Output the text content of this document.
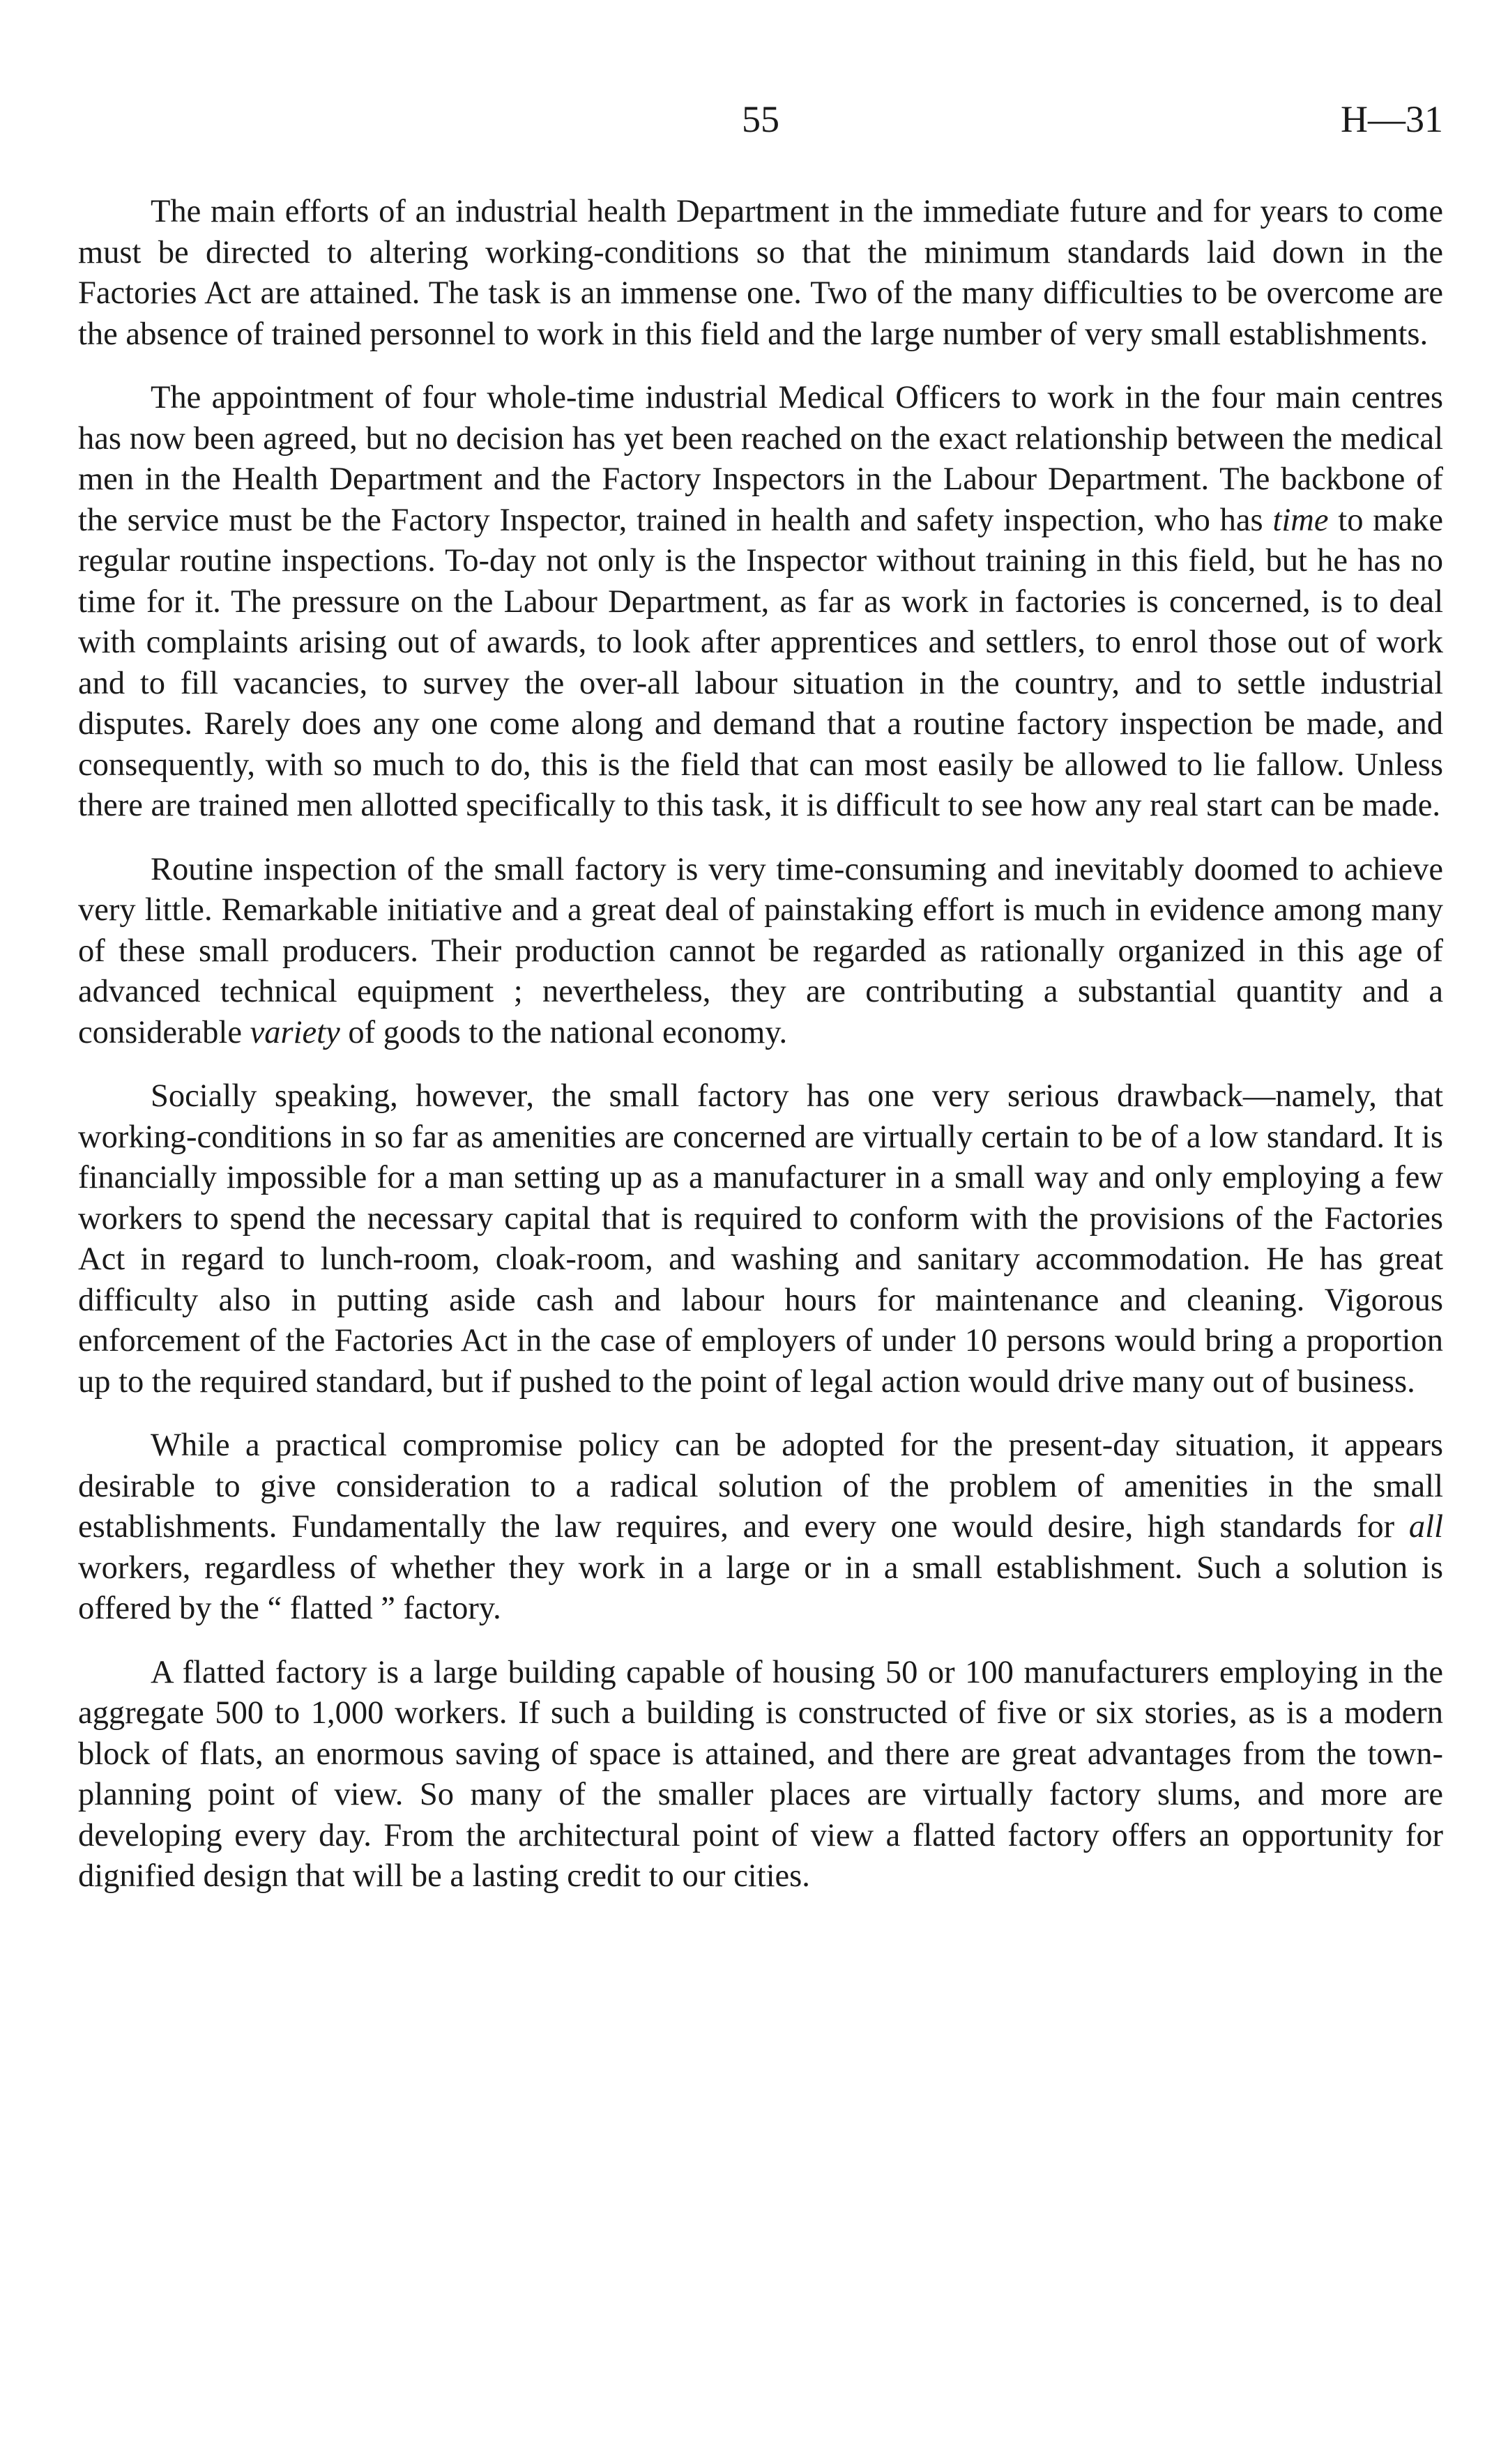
55	H—31

The main efforts of an industrial health Department in the immediate future and for years to come must be directed to altering working-conditions so that the minimum standards laid down in the Factories Act are attained. The task is an immense one. Two of the many difficulties to be overcome are the absence of trained personnel to work in this field and the large number of very small establishments.

The appointment of four whole-time industrial Medical Officers to work in the four main centres has now been agreed, but no decision has yet been reached on the exact relationship between the medical men in the Health Department and the Factory Inspectors in the Labour Department. The backbone of the service must be the Factory Inspector, trained in health and safety inspection, who has time to make regular routine inspections. To-day not only is the Inspector without training in this field, but he has no time for it. The pressure on the Labour Department, as far as work in factories is concerned, is to deal with complaints arising out of awards, to look after apprentices and settlers, to enrol those out of work and to fill vacancies, to survey the over-all labour situation in the country, and to settle industrial disputes. Rarely does any one come along and demand that a routine factory inspection be made, and consequently, with so much to do, this is the field that can most easily be allowed to lie fallow. Unless there are trained men allotted specifically to this task, it is difficult to see how any real start can be made.

Routine inspection of the small factory is very time-consuming and inevitably doomed to achieve very little. Remarkable initiative and a great deal of painstaking effort is much in evidence among many of these small producers. Their production cannot be regarded as rationally organized in this age of advanced technical equipment ; nevertheless, they are contributing a substantial quantity and a considerable variety of goods to the national economy.

Socially speaking, however, the small factory has one very serious drawback—namely, that working-conditions in so far as amenities are concerned are virtually certain to be of a low standard. It is financially impossible for a man setting up as a manufacturer in a small way and only employing a few workers to spend the necessary capital that is required to conform with the provisions of the Factories Act in regard to lunch-room, cloak-room, and washing and sanitary accommodation. He has great difficulty also in putting aside cash and labour hours for maintenance and cleaning. Vigorous enforcement of the Factories Act in the case of employers of under 10 persons would bring a proportion up to the required standard, but if pushed to the point of legal action would drive many out of business.

While a practical compromise policy can be adopted for the present-day situation, it appears desirable to give consideration to a radical solution of the problem of amenities in the small establishments. Fundamentally the law requires, and every one would desire, high standards for all workers, regardless of whether they work in a large or in a small establishment. Such a solution is offered by the “ flatted ” factory.

A flatted factory is a large building capable of housing 50 or 100 manufacturers employing in the aggregate 500 to 1,000 workers. If such a building is constructed of five or six stories, as is a modern block of flats, an enormous saving of space is attained, and there are great advantages from the town-planning point of view. So many of the smaller places are virtually factory slums, and more are developing every day. From the architectural point of view a flatted factory offers an opportunity for dignified design that will be a lasting credit to our cities.
